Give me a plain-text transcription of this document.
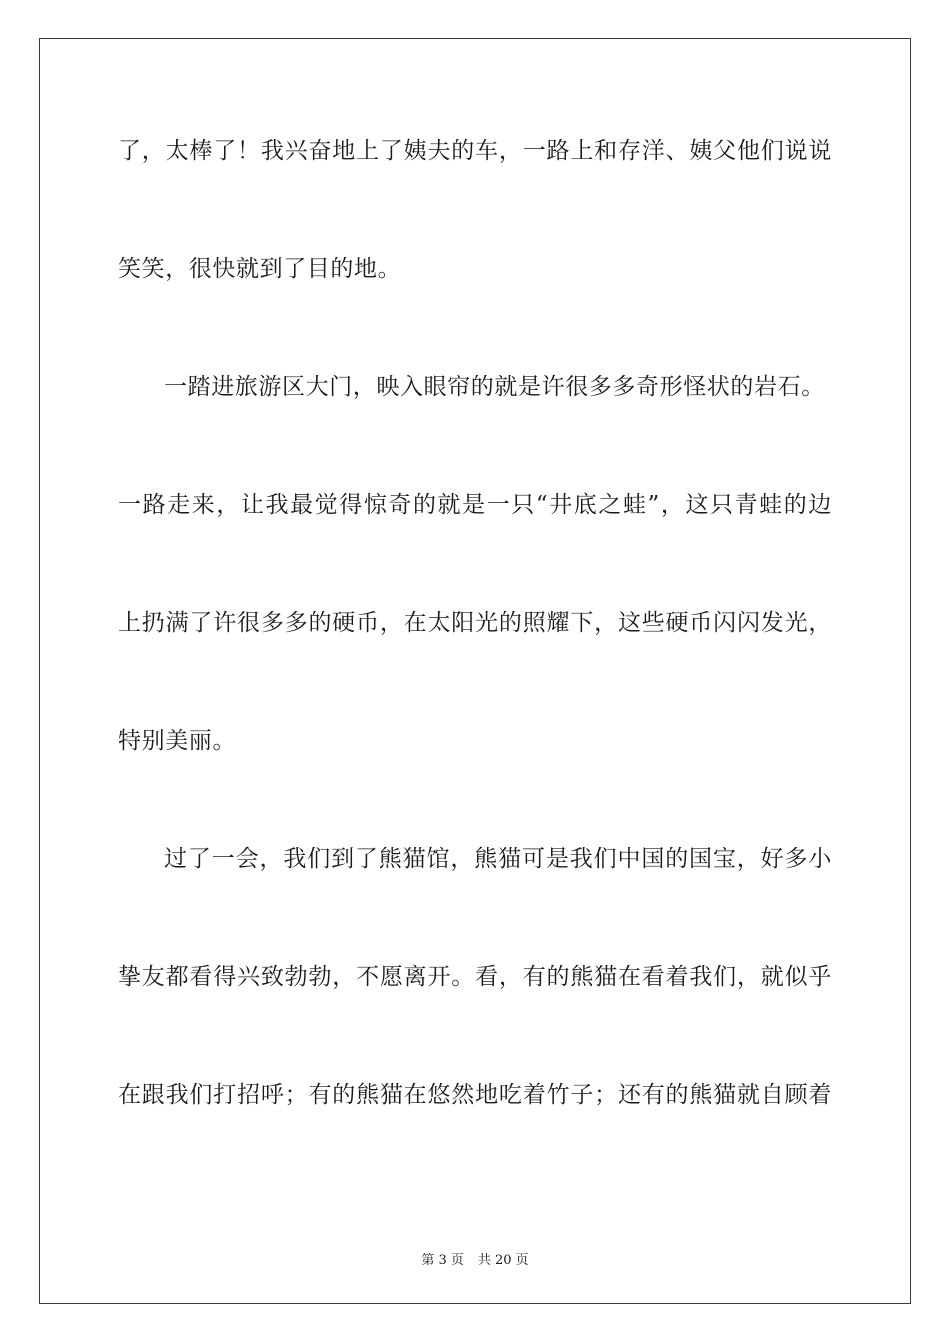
了，太棒了！我兴奋地上了姨夫的车，一路上和存洋、姨父他们说说
笑笑，很快就到了目的地。
一踏进旅游区大门，映入眼帘的就是许很多多奇形怪状的岩石。
一路走来，让我最觉得惊奇的就是一只“井底之蛙”，这只青蛙的边
上扔满了许很多多的硬币，在太阳光的照耀下，这些硬币闪闪发光，
特别美丽。
过了一会，我们到了熊猫馆，熊猫可是我们中国的国宝，好多小
挚友都看得兴致勃勃，不愿离开。看，有的熊猫在看着我们，就似乎
在跟我们打招呼；有的熊猫在悠然地吃着竹子；还有的熊猫就自顾着
第 3 页 共 20 页
